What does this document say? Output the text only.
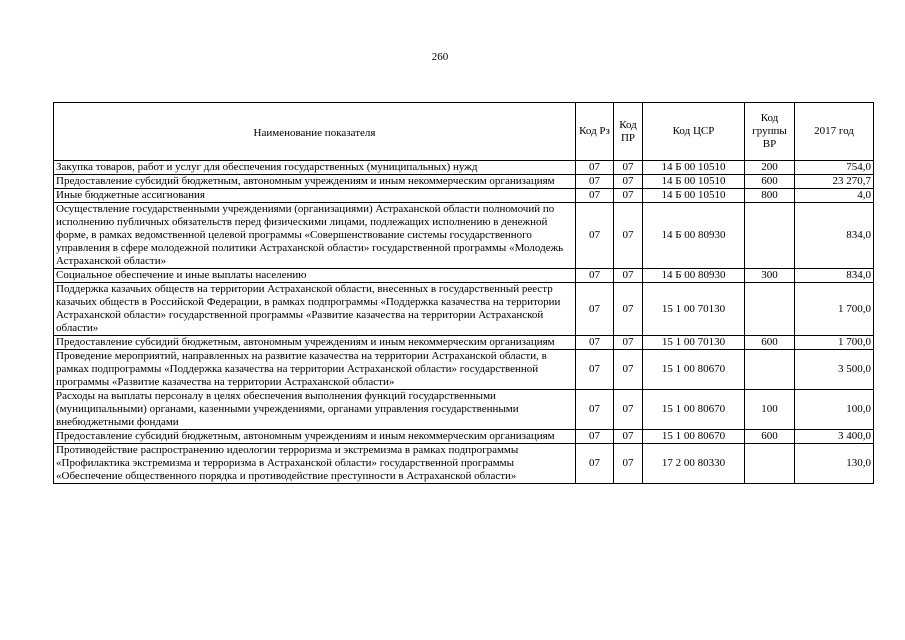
260
Наименование показателя	Код Рз	Код ПР	Код ЦСР	Код группы ВР	2017 год
Закупка товаров, работ и услуг для обеспечения государственных (муниципальных) нужд	07	07	14 Б 00 10510	200	754,0
Предоставление субсидий бюджетным, автономным учреждениям и иным некоммерческим организациям	07	07	14 Б 00 10510	600	23 270,7
Иные бюджетные ассигнования	07	07	14 Б 00 10510	800	4,0
Осуществление государственными учреждениями (организациями) Астраханской области полномочий по исполнению публичных обязательств перед физическими лицами, подлежащих исполнению в денежной форме, в рамках ведомственной целевой программы «Совершенствование системы государственного управления в сфере молодежной политики Астраханской области» государственной программы «Молодежь Астраханской области»	07	07	14 Б 00 80930		834,0
Социальное обеспечение и иные выплаты населению	07	07	14 Б 00 80930	300	834,0
Поддержка казачьих обществ на территории Астраханской области, внесенных в государственный реестр казачьих обществ в Российской Федерации, в рамках подпрограммы «Поддержка казачества на территории Астраханской области» государственной программы «Развитие казачества на территории Астраханской области»	07	07	15 1 00 70130		1 700,0
Предоставление субсидий бюджетным, автономным учреждениям и иным некоммерческим организациям	07	07	15 1 00 70130	600	1 700,0
Проведение мероприятий, направленных на развитие казачества на территории Астраханской области, в рамках подпрограммы «Поддержка казачества на территории Астраханской области» государственной программы «Развитие казачества на территории Астраханской области»	07	07	15 1 00 80670		3 500,0
Расходы на выплаты персоналу в целях обеспечения выполнения функций государственными (муниципальными) органами, казенными учреждениями, органами управления государственными внебюджетными фондами	07	07	15 1 00 80670	100	100,0
Предоставление субсидий бюджетным, автономным учреждениям и иным некоммерческим организациям	07	07	15 1 00 80670	600	3 400,0
Противодействие распространению идеологии терроризма и экстремизма в рамках подпрограммы «Профилактика экстремизма и терроризма в Астраханской области» государственной программы «Обеспечение общественного порядка и противодействие преступности в Астраханской области»	07	07	17 2 00 80330		130,0
